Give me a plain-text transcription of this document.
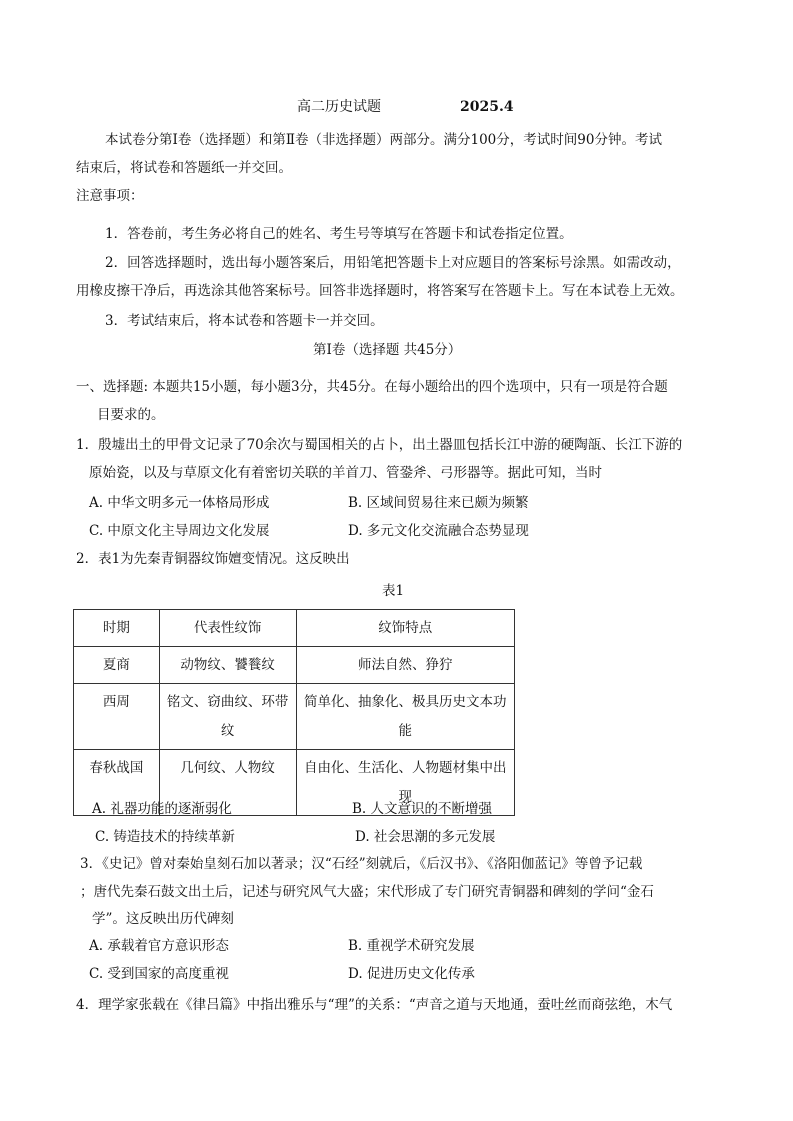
高二历史试题	2025.4
本试卷分第Ⅰ卷（选择题）和第Ⅱ卷（非选择题）两部分。满分100分，考试时间90分钟。考试
结束后，将试卷和答题纸一并交回。
注意事项：
1．答卷前，考生务必将自己的姓名、考生号等填写在答题卡和试卷指定位置。
2．回答选择题时，选出每小题答案后，用铅笔把答题卡上对应题目的答案标号涂黑。如需改动，
用橡皮擦干净后，再选涂其他答案标号。回答非选择题时，将答案写在答题卡上。写在本试卷上无效。
3．考试结束后，将本试卷和答题卡一并交回。
第Ⅰ卷（选择题 共45分）
一、选择题: 本题共15小题，每小题3分，共45分。在每小题给出的四个选项中，只有一项是符合题
目要求的。
1．殷墟出土的甲骨文记录了70余次与蜀国相关的占卜，出土器皿包括长江中游的硬陶瓿、长江下游的
原始瓷，以及与草原文化有着密切关联的羊首刀、管銎斧、弓形器等。据此可知，当时
A. 中华文明多元一体格局形成	B. 区域间贸易往来已颇为频繁
C. 中原文化主导周边文化发展	D. 多元文化交流融合态势显现
2．表1为先秦青铜器纹饰嬗变情况。这反映出
表1
时期	代表性纹饰	纹饰特点
夏商	动物纹、饕餮纹	师法自然、狰狞
西周	铭文、窃曲纹、环带纹	简单化、抽象化、极具历史文本功能
春秋战国	几何纹、人物纹	自由化、生活化、人物题材集中出现
A. 礼器功能的逐渐弱化	B. 人文意识的不断增强
C. 铸造技术的持续革新	D. 社会思潮的多元发展
3．《史记》曾对秦始皇刻石加以著录；汉“石经”刻就后，《后汉书》、《洛阳伽蓝记》等曾予记载
；唐代先秦石鼓文出土后，记述与研究风气大盛；宋代形成了专门研究青铜器和碑刻的学问“金石
学”。这反映出历代碑刻
A. 承载着官方意识形态	B. 重视学术研究发展
C. 受到国家的高度重视	D. 促进历史文化传承
4．理学家张载在《律吕篇》中指出雅乐与“理”的关系：“声音之道与天地通，蚕吐丝而商弦绝，木气
